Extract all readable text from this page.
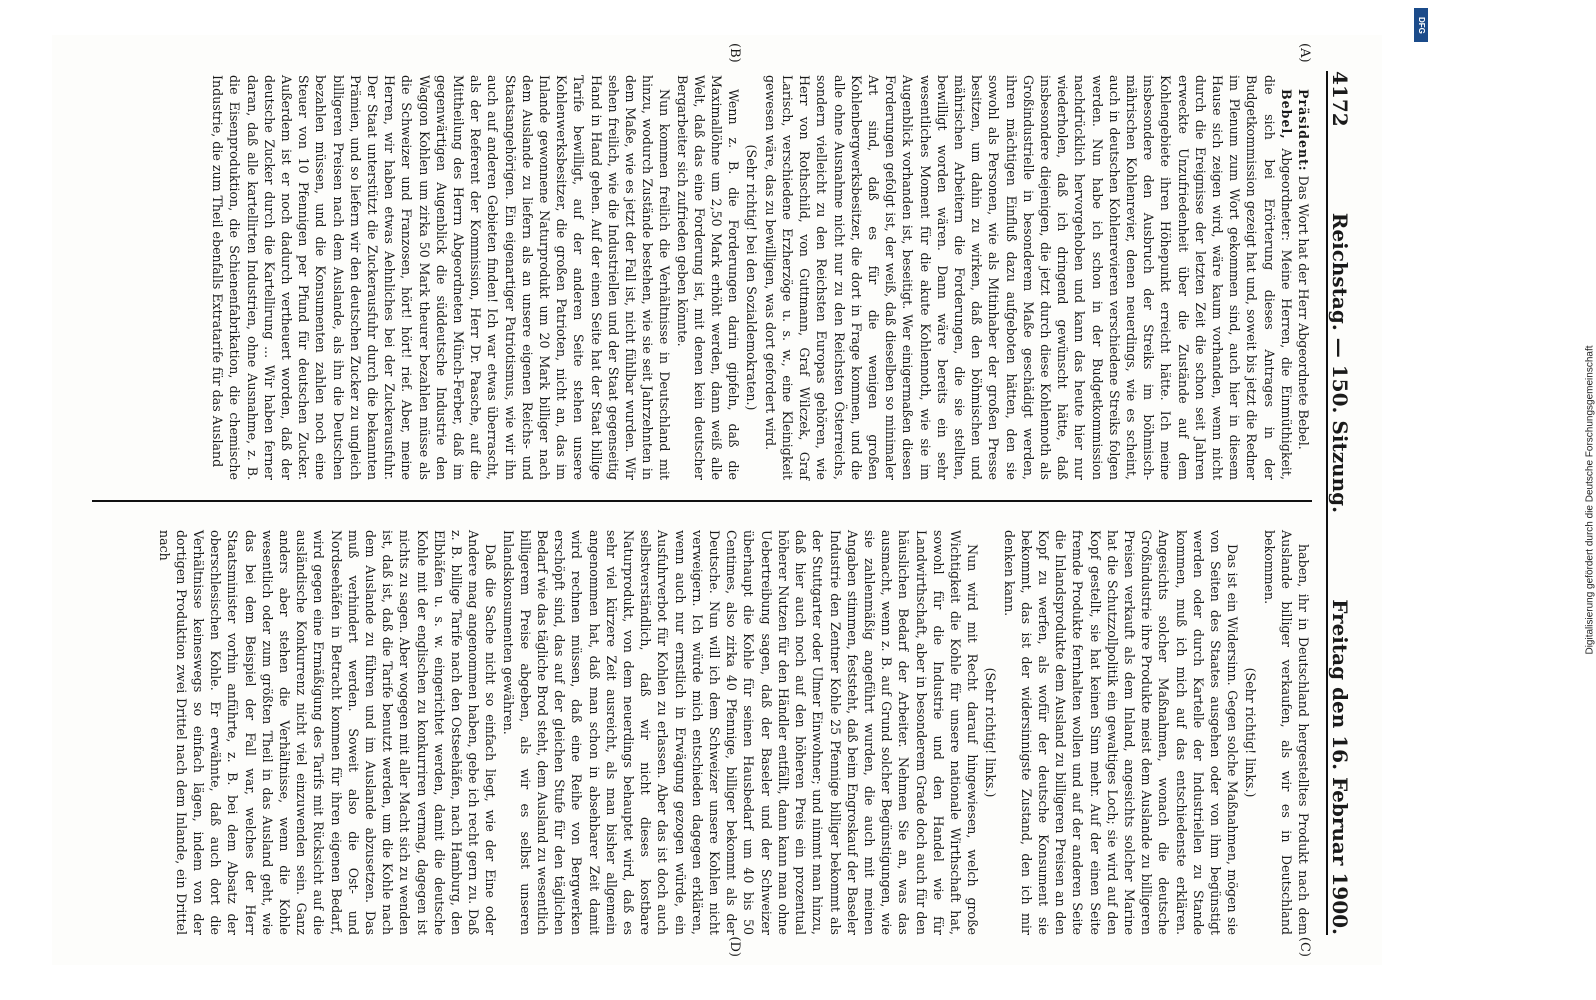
4172
Reichstag. — 150. Sitzung.
Freitag den 16. Februar 1900.
(A)
(B)
(C)
(D)

Präsident: Das Wort hat der Herr Abgeordnete Bebel.

Bebel, Abgeordneter: Meine Herren, die Einmüthigkeit, die sich bei Erörterung dieses Antrages in der Budgetkommission gezeigt hat und, soweit bis jetzt die Redner im Plenum zum Wort gekommen sind, auch hier in diesem Hause sich zeigen wird, wäre kaum vorhanden, wenn nicht durch die Ereignisse der letzten Zeit die schon seit Jahren erweckte Unzufriedenheit über die Zustände auf dem Kohlengebiete ihren Höhepunkt erreicht hätte. Ich meine insbesondere den Ausbruch der Streiks im böhmisch-mährischen Kohlenrevier, denen neuerdings, wie es scheint, auch in deutschen Kohlenrevieren verschiedene Streiks folgen werden. Nun habe ich schon in der Budgetkommission nachdrücklich hervorgehoben und kann das heute hier nur wiederholen, daß ich dringend gewünscht hätte, daß insbesondere diejenigen, die jetzt durch diese Kohlennoth als Großindustrielle in besonderem Maße geschädigt werden, ihren mächtigen Einfluß dazu aufgeboten hätten, den sie sowohl als Personen, wie als Mitinhaber der großen Presse besitzen, um dahin zu wirken, daß den böhmischen und mährischen Arbeitern die Forderungen, die sie stellten, bewilligt worden wären. Dann wäre bereits ein sehr wesentliches Moment für die akute Kohlennoth, wie sie im Augenblick vorhanden ist, beseitigt. Wer einigermaßen diesen Forderungen gefolgt ist, der weiß, daß dieselben so minimaler Art sind, daß es für die wenigen großen Kohlenbergwerksbesitzer, die dort in Frage kommen, und die alle ohne Ausnahme nicht nur zu den Reichsten Österreichs, sondern vielleicht zu den Reichsten Europas gehören, wie Herr von Rothschild, von Guttmann, Graf Wilczek, Graf Larisch, verschiedene Erzherzöge u. s. w., eine Kleinigkeit gewesen wäre, das zu bewilligen, was dort gefordert wird.

(Sehr richtig! bei den Sozialdemokraten.)

Wenn z. B. die Forderungen darin gipfeln, daß die Maximallöhne um 2,50 Mark erhöht werden, dann weiß alle Welt, daß das eine Forderung ist, mit denen kein deutscher Bergarbeiter sich zufrieden geben könnte.

Nun kommen freilich die Verhältnisse in Deutschland mit hinzu, wodurch Zustände bestehen, wie sie seit Jahrzehnten in dem Maße, wie es jetzt der Fall ist, nicht fühlbar wurden. Wir sehen freilich, wie die Industriellen und der Staat gegenseitig Hand in Hand gehen. Auf der einen Seite hat der Staat billige Tarife bewilligt, auf der anderen Seite stehen unsere Kohlenwerksbesitzer, die großen Patrioten, nicht an, das im Inlande gewonnene Naturprodukt um 20 Mark billiger nach dem Auslande zu liefern als an unsere eigenen Reichs- und Staatsangehörigen. Ein eigenartiger Patriotismus, wie wir ihn auch auf anderen Gebieten finden! Ich war etwas überrascht, als der Referent der Kommission, Herr Dr. Paasche, auf die Mittheilung des Herrn Abgeordneten Münch-Ferber, daß im gegenwärtigen Augenblick die süddeutsche Industrie den Waggon Kohlen um zirka 50 Mark theurer bezahlen müsse als die Schweizer und Franzosen, hört! hört! rief. Aber, meine Herren, wir haben etwas Aehnliches bei der Zuckerausfuhr. Der Staat unterstützt die Zuckerausfuhr durch die bekannten Prämien, und so liefern wir den deutschen Zucker zu ungleich billigeren Preisen nach dem Auslande, als ihn die Deutschen bezahlen müssen, und die Konsumenten zahlen noch eine Steuer von 10 Pfennigen per Pfund für deutschen Zucker. Außerdem ist er noch dadurch vertheuert worden, daß der deutsche Zucker durch die Kartellirung ... Wir haben ferner daran, daß alle kartellirten Industrien, ohne Ausnahme, z. B. die Eisenproduktion, die Schienenfabrikation, die chemische Industrie, die zum Theil ebenfalls Extratarife für das Ausland

haben, ihr in Deutschland hergestelltes Produkt nach dem Auslande billiger verkaufen, als wir es in Deutschland bekommen.

(Sehr richtig! links.)

Das ist ein Widersinn. Gegen solche Maßnahmen, mögen sie von Seiten des Staates ausgehen oder von ihm begünstigt werden oder durch Kartelle der Industriellen zu Stande kommen, muß ich mich auf das entschiedenste erklären. Angesichts solcher Maßnahmen, wonach die deutsche Großindustrie ihre Produkte meist dem Auslande zu billigeren Preisen verkauft als dem Inland, angesichts solcher Marine hat die Schutzzollpolitik ein gewaltiges Loch; sie wird auf den Kopf gestellt, sie hat keinen Sinn mehr. Auf der einen Seite fremde Produkte fernhalten wollen und auf der anderen Seite die Inlandsprodukte dem Ausland zu billigeren Preisen an den Kopf zu werfen, als wofür der deutsche Konsument sie bekommt, das ist der widersinnigste Zustand, den ich mir denken kann.

(Sehr richtig! links.)

Nun wird mit Recht darauf hingewiesen, welch große Wichtigkeit die Kohle für unsere nationale Wirthschaft hat, sowohl für die Industrie und den Handel wie für Landwirthschaft, aber in besonderem Grade doch auch für den häuslichen Bedarf der Arbeiter. Nehmen Sie an, was das ausmacht, wenn z. B. auf Grund solcher Begünstigungen, wie sie zahlenmäßig angeführt wurden, die auch mit meinen Angaben stimmen, feststeht, daß beim Engroskauf der Baseler Industrie den Zentner Kohle 25 Pfennige billiger bekommt als der Stuttgarter oder Ulmer Einwohner; und nimmt man hinzu, daß hier auch noch auf den höheren Preis ein prozentual höherer Nutzen für den Händler entfällt, dann kann man ohne Uebertreibung sagen, daß der Baseler und der Schweizer überhaupt die Kohle für seinen Hausbedarf um 40 bis 50 Centimes, also zirka 40 Pfennige, billiger bekommt als der Deutsche. Nun will ich dem Schweizer unsere Kohlen nicht verweigern. Ich würde mich entschieden dagegen erklären, wenn auch nur ernstlich in Erwägung gezogen würde, ein Ausfuhrverbot für Kohlen zu erlassen. Aber das ist doch auch selbstverständlich, daß wir nicht dieses kostbare Naturprodukt, von dem neuerdings behauptet wird, daß es sehr viel kürzere Zeit ausreicht, als man bisher allgemein angenommen hat, daß man schon in absehbarer Zeit damit wird rechnen müssen, daß eine Reihe von Bergwerken erschöpft sind, das auf der gleichen Stufe für den täglichen Bedarf wie das tägliche Brod steht, dem Ausland zu wesentlich billigerem Preise abgeben, als wir es selbst unseren Inlandskonsumenten gewähren.

Daß die Sache nicht so einfach liegt, wie der Eine oder Andere mag angenommen haben, gebe ich recht gern zu. Daß z. B. billige Tarife nach den Ostseehäfen, nach Hamburg, den Elbhäfen u. s. w. eingerichtet werden, damit die deutsche Kohle mit der englischen zu konkurriren vermag, dagegen ist nichts zu sagen. Aber wogegen mit aller Macht sich zu wenden ist, daß ist, daß die Tarife benutzt werden, um die Kohle nach dem Auslande zu führen und im Auslande abzusetzen. Das muß verhindert werden. Soweit also die Ost- und Nordseehäfen in Betracht kommen für ihren eigenen Bedarf, wird gegen eine Ermäßigung des Tarifs mit Rücksicht auf die ausländische Konkurrenz nicht viel einzuwenden sein. Ganz anders aber stehen die Verhältnisse, wenn die Kohle wesentlich oder zum größten Theil in das Ausland geht, wie das bei dem Beispiel der Fall war, welches der Herr Staatsminister vorhin anführte, z. B. bei dem Absatz der oberschlesischen Kohle. Er erwähnte, daß auch dort die Verhältnisse keineswegs so einfach lägen, indem von der dortigen Produktion zwei Drittel nach dem Inlande, ein Drittel nach	Digitalisierung gefördert durch die Deutsche Forschungsgemeinschaft
DFG
